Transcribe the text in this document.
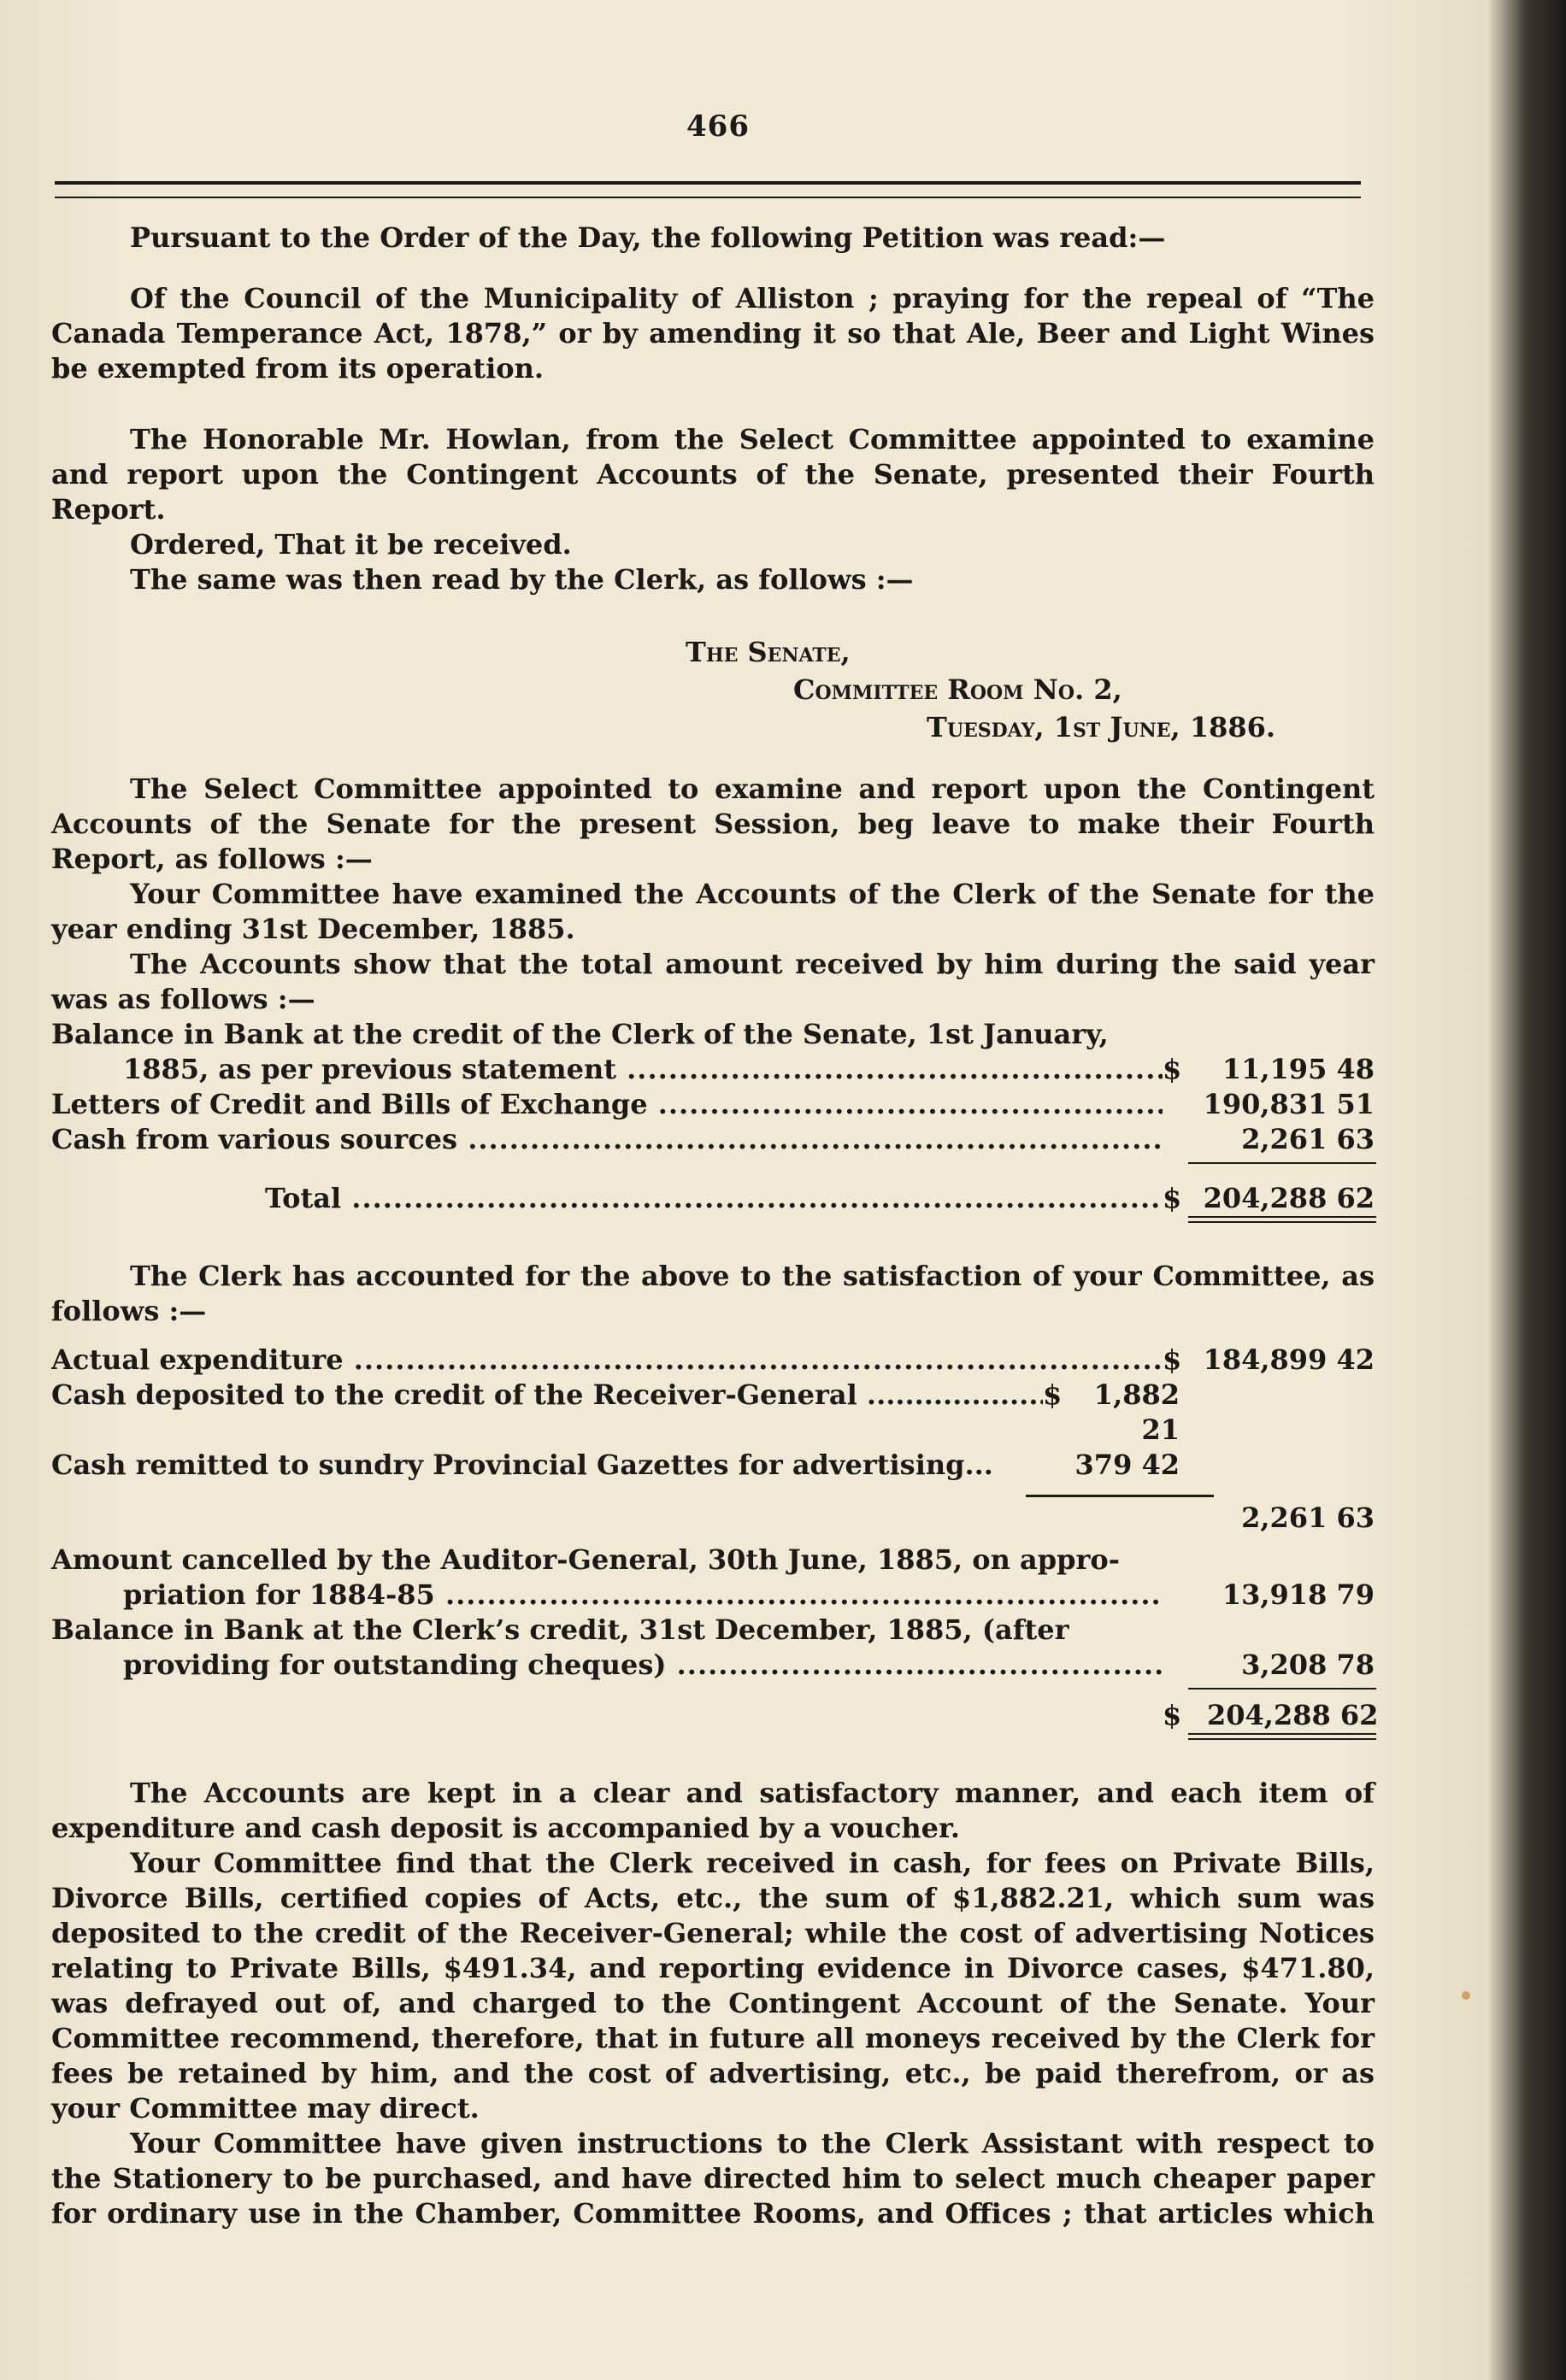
466

Pursuant to the Order of the Day, the following Petition was read:—

Of the Council of the Municipality of Alliston ; praying for the repeal of “The Canada Temperance Act, 1878,” or by amending it so that Ale, Beer and Light Wines be exempted from its operation.

The Honorable Mr. Howlan, from the Select Committee appointed to examine and report upon the Contingent Accounts of the Senate, presented their Fourth Report.

Ordered, That it be received.

The same was then read by the Clerk, as follows :—

The Senate,
Committee Room No. 2,
Tuesday, 1st June, 1886.

The Select Committee appointed to examine and report upon the Contingent Accounts of the Senate for the present Session, beg leave to make their Fourth Report, as follows :—

Your Committee have examined the Accounts of the Clerk of the Senate for the year ending 31st December, 1885.

The Accounts show that the total amount received by him during the said year was as follows :—

Balance in Bank at the credit of the Clerk of the Senate, 1st January,
1885, as per previous statement .....	$	11,195 48
Letters of Credit and Bills of Exchange .....	190,831 51
Cash from various sources .....	2,261 63
Total .....	$ 204,288 62

The Clerk has accounted for the above to the satisfaction of your Committee, as follows :—

Actual expenditure .....	$ 184,899 42
Cash deposited to the credit of the Receiver-General .....	$	1,882 21
Cash remitted to sundry Provincial Gazettes for advertising...	379 42
2,261 63
Amount cancelled by the Auditor-General, 30th June, 1885, on appro-
priation for 1884-85 .....	13,918 79
Balance in Bank at the Clerk’s credit, 31st December, 1885, (after
providing for outstanding cheques) .....	3,208 78
$ 204,288 62

The Accounts are kept in a clear and satisfactory manner, and each item of expenditure and cash deposit is accompanied by a voucher.

Your Committee find that the Clerk received in cash, for fees on Private Bills, Divorce Bills, certified copies of Acts, etc., the sum of $1,882.21, which sum was deposited to the credit of the Receiver-General; while the cost of advertising Notices relating to Private Bills, $491.34, and reporting evidence in Divorce cases, $471.80, was defrayed out of, and charged to the Contingent Account of the Senate. Your Committee recommend, therefore, that in future all moneys received by the Clerk for fees be retained by him, and the cost of advertising, etc., be paid therefrom, or as your Committee may direct.

Your Committee have given instructions to the Clerk Assistant with respect to the Stationery to be purchased, and have directed him to select much cheaper paper for ordinary use in the Chamber, Committee Rooms, and Offices ; that articles which
